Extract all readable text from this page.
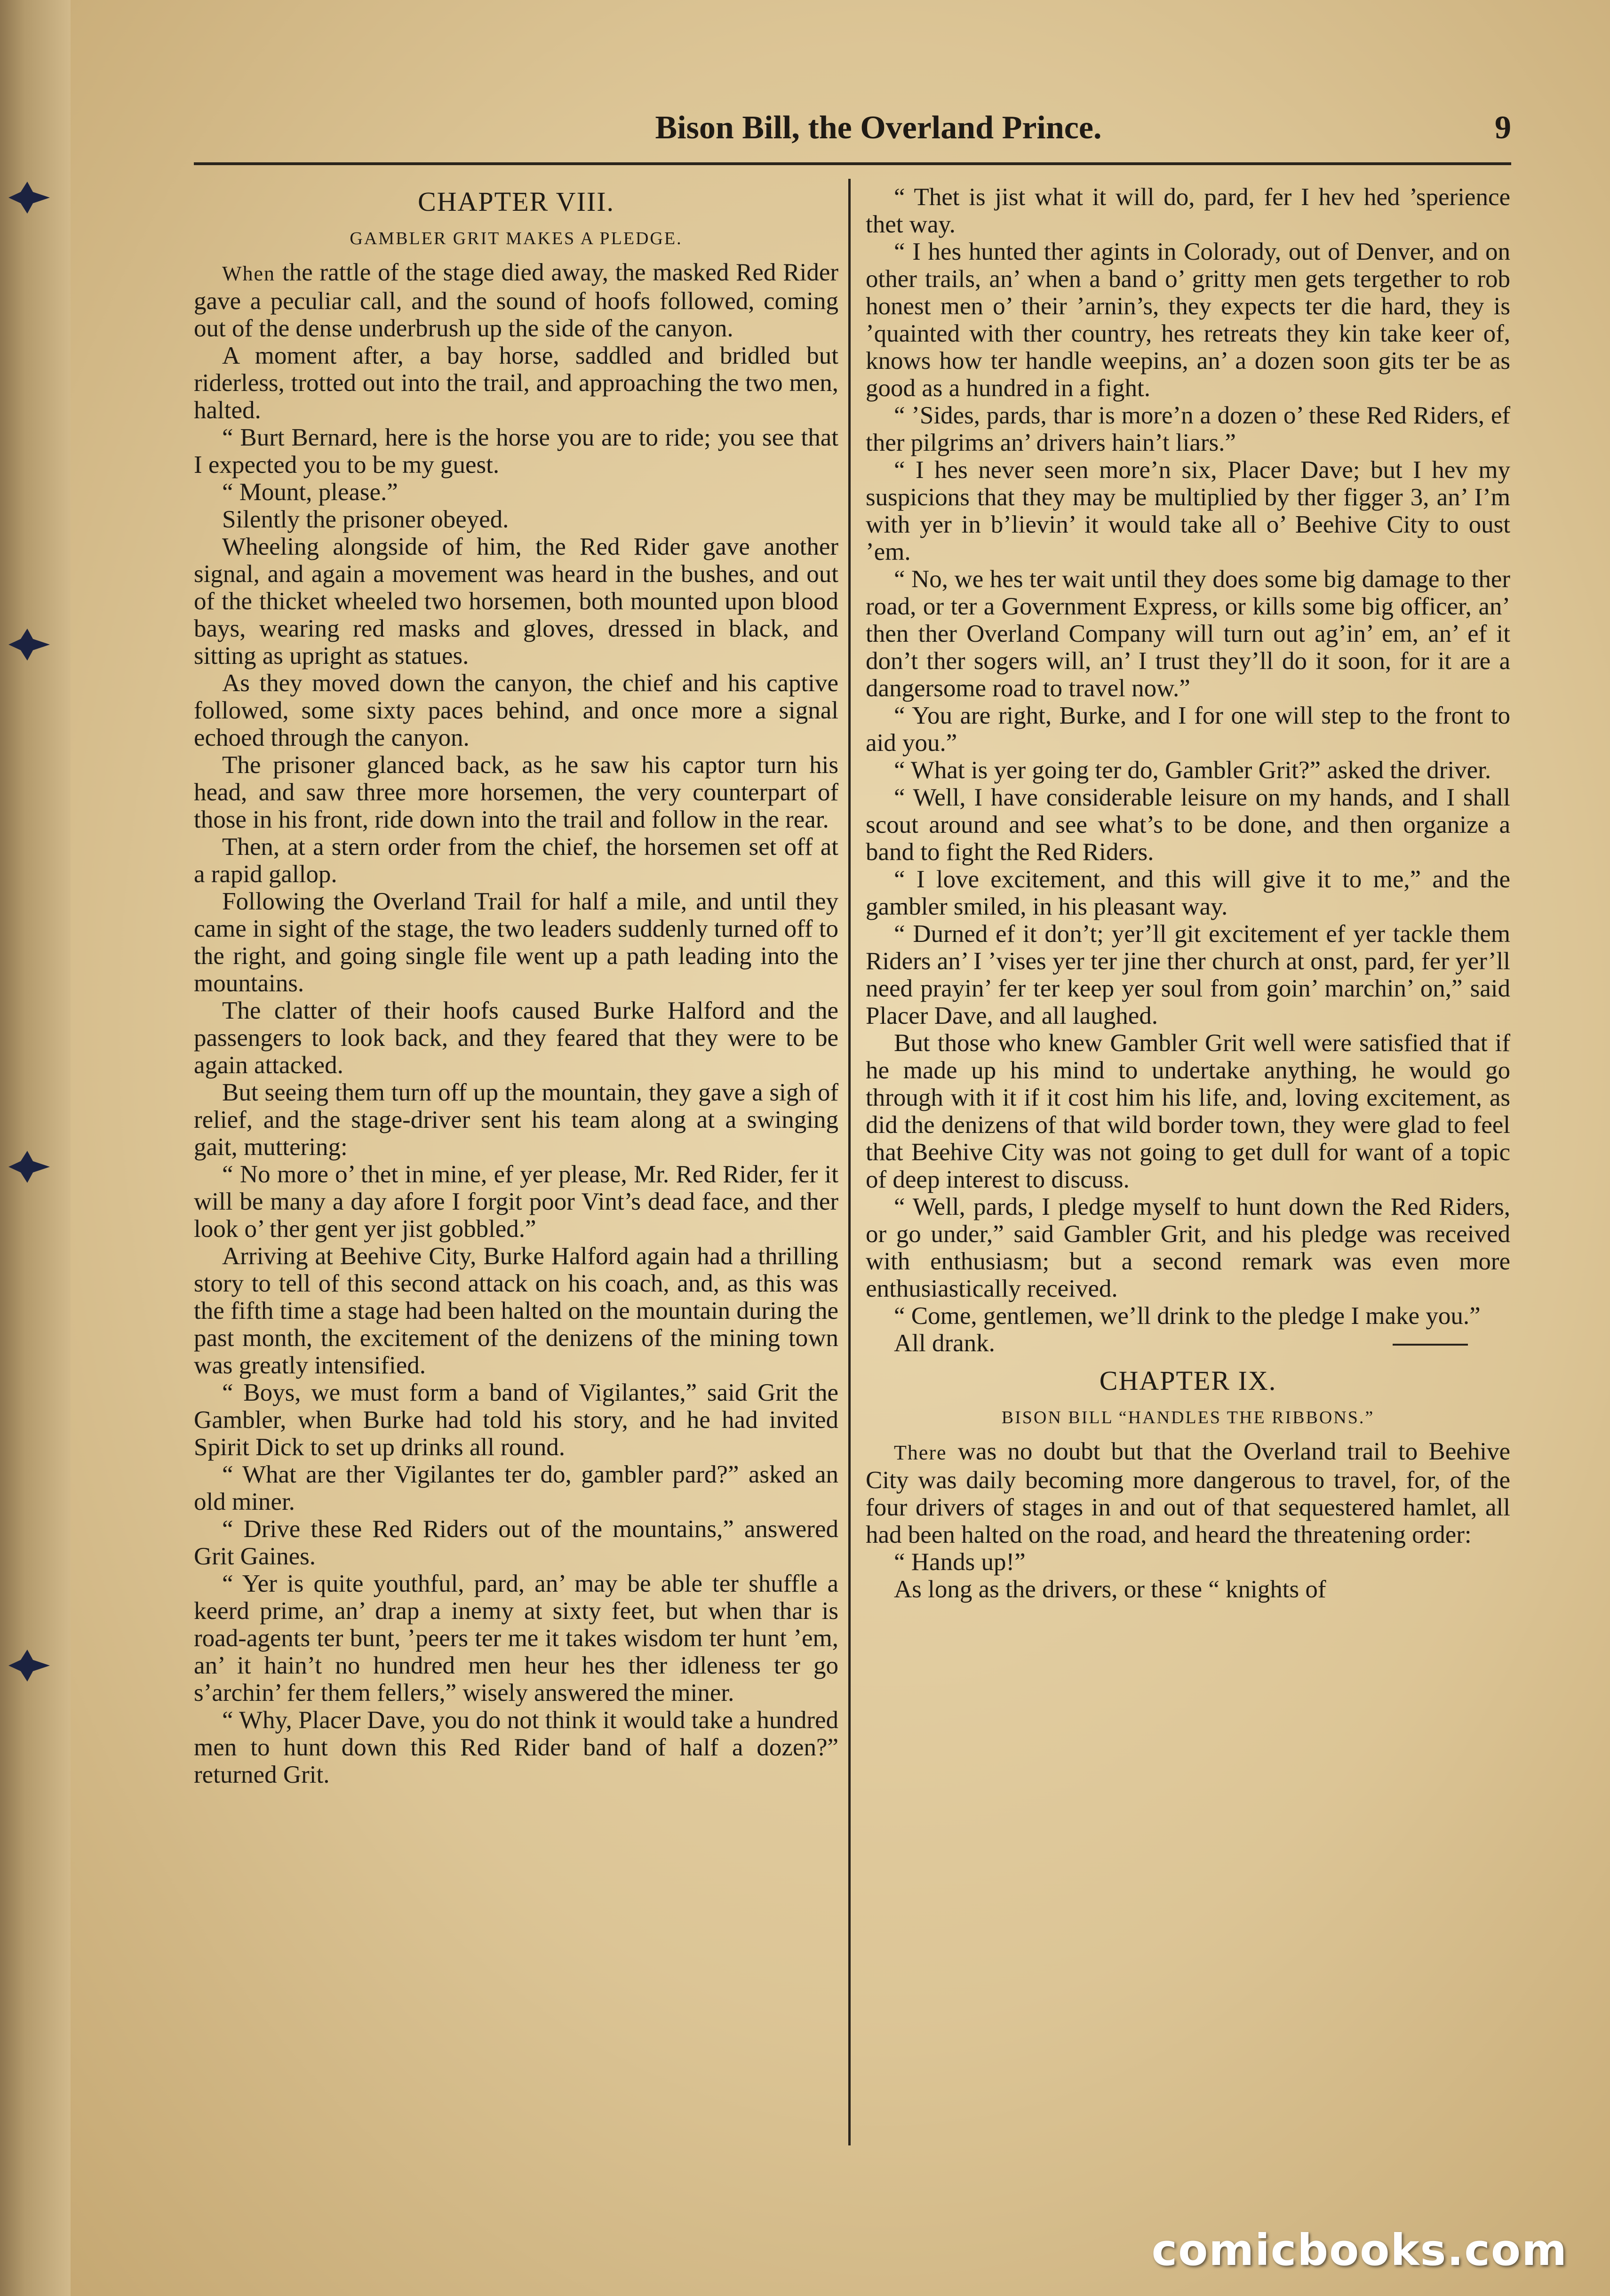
Bison Bill, the Overland Prince.	9
CHAPTER VIII.
GAMBLER GRIT MAKES A PLEDGE.

When the rattle of the stage died away, the masked Red Rider gave a peculiar call, and the sound of hoofs followed, coming out of the dense underbrush up the side of the canyon.

A moment after, a bay horse, saddled and bridled but riderless, trotted out into the trail, and approaching the two men, halted.

“ Burt Bernard, here is the horse you are to ride; you see that I expected you to be my guest.

“ Mount, please.”

Silently the prisoner obeyed.

Wheeling alongside of him, the Red Rider gave another signal, and again a movement was heard in the bushes, and out of the thicket wheeled two horsemen, both mounted upon blood bays, wearing red masks and gloves, dressed in black, and sitting as upright as statues.

As they moved down the canyon, the chief and his captive followed, some sixty paces behind, and once more a signal echoed through the canyon.

The prisoner glanced back, as he saw his captor turn his head, and saw three more horsemen, the very counterpart of those in his front, ride down into the trail and follow in the rear.

Then, at a stern order from the chief, the horsemen set off at a rapid gallop.

Following the Overland Trail for half a mile, and until they came in sight of the stage, the two leaders suddenly turned off to the right, and going single file went up a path leading into the mountains.

The clatter of their hoofs caused Burke Halford and the passengers to look back, and they feared that they were to be again attacked.

But seeing them turn off up the mountain, they gave a sigh of relief, and the stage-driver sent his team along at a swinging gait, muttering:

“ No more o’ thet in mine, ef yer please, Mr. Red Rider, fer it will be many a day afore I forgit poor Vint’s dead face, and ther look o’ ther gent yer jist gobbled.”

Arriving at Beehive City, Burke Halford again had a thrilling story to tell of this second attack on his coach, and, as this was the fifth time a stage had been halted on the mountain during the past month, the excitement of the denizens of the mining town was greatly intensified.

“ Boys, we must form a band of Vigilantes,” said Grit the Gambler, when Burke had told his story, and he had invited Spirit Dick to set up drinks all round.

“ What are ther Vigilantes ter do, gambler pard?” asked an old miner.

“ Drive these Red Riders out of the mountains,” answered Grit Gaines.

“ Yer is quite youthful, pard, an’ may be able ter shuffle a keerd prime, an’ drap a inemy at sixty feet, but when thar is road-agents ter bunt, ’peers ter me it takes wisdom ter hunt ’em, an’ it hain’t no hundred men heur hes ther idleness ter go s’archin’ fer them fellers,” wisely answered the miner.

“ Why, Placer Dave, you do not think it would take a hundred men to hunt down this Red Rider band of half a dozen?” returned Grit.

“ Thet is jist what it will do, pard, fer I hev hed ’sperience thet way.

“ I hes hunted ther agints in Colorady, out of Denver, and on other trails, an’ when a band o’ gritty men gets tergether to rob honest men o’ their ’arnin’s, they expects ter die hard, they is ’quainted with ther country, hes retreats they kin take keer of, knows how ter handle weepins, an’ a dozen soon gits ter be as good as a hundred in a fight.

“ ’Sides, pards, thar is more’n a dozen o’ these Red Riders, ef ther pilgrims an’ drivers hain’t liars.”

“ I hes never seen more’n six, Placer Dave; but I hev my suspicions that they may be multiplied by ther figger 3, an’ I’m with yer in b’lievin’ it would take all o’ Beehive City to oust ’em.

“ No, we hes ter wait until they does some big damage to ther road, or ter a Government Express, or kills some big officer, an’ then ther Overland Company will turn out ag’in’ em, an’ ef it don’t ther sogers will, an’ I trust they’ll do it soon, for it are a dangersome road to travel now.”

“ You are right, Burke, and I for one will step to the front to aid you.”

“ What is yer going ter do, Gambler Grit?” asked the driver.

“ Well, I have considerable leisure on my hands, and I shall scout around and see what’s to be done, and then organize a band to fight the Red Riders.

“ I love excitement, and this will give it to me,” and the gambler smiled, in his pleasant way.

“ Durned ef it don’t; yer’ll git excitement ef yer tackle them Riders an’ I ’vises yer ter jine ther church at onst, pard, fer yer’ll need prayin’ fer ter keep yer soul from goin’ marchin’ on,” said Placer Dave, and all laughed.

But those who knew Gambler Grit well were satisfied that if he made up his mind to undertake anything, he would go through with it if it cost him his life, and, loving excitement, as did the denizens of that wild border town, they were glad to feel that Beehive City was not going to get dull for want of a topic of deep interest to discuss.

“ Well, pards, I pledge myself to hunt down the Red Riders, or go under,” said Gambler Grit, and his pledge was received with enthusiasm; but a second remark was even more enthusiastically received.

“ Come, gentlemen, we’ll drink to the pledge I make you.”

All drank.

CHAPTER IX.
BISON BILL “HANDLES THE RIBBONS.”

There was no doubt but that the Overland trail to Beehive City was daily becoming more dangerous to travel, for, of the four drivers of stages in and out of that sequestered hamlet, all had been halted on the road, and heard the threatening order:

“ Hands up!”

As long as the drivers, or these “ knights of

comicbooks.com
